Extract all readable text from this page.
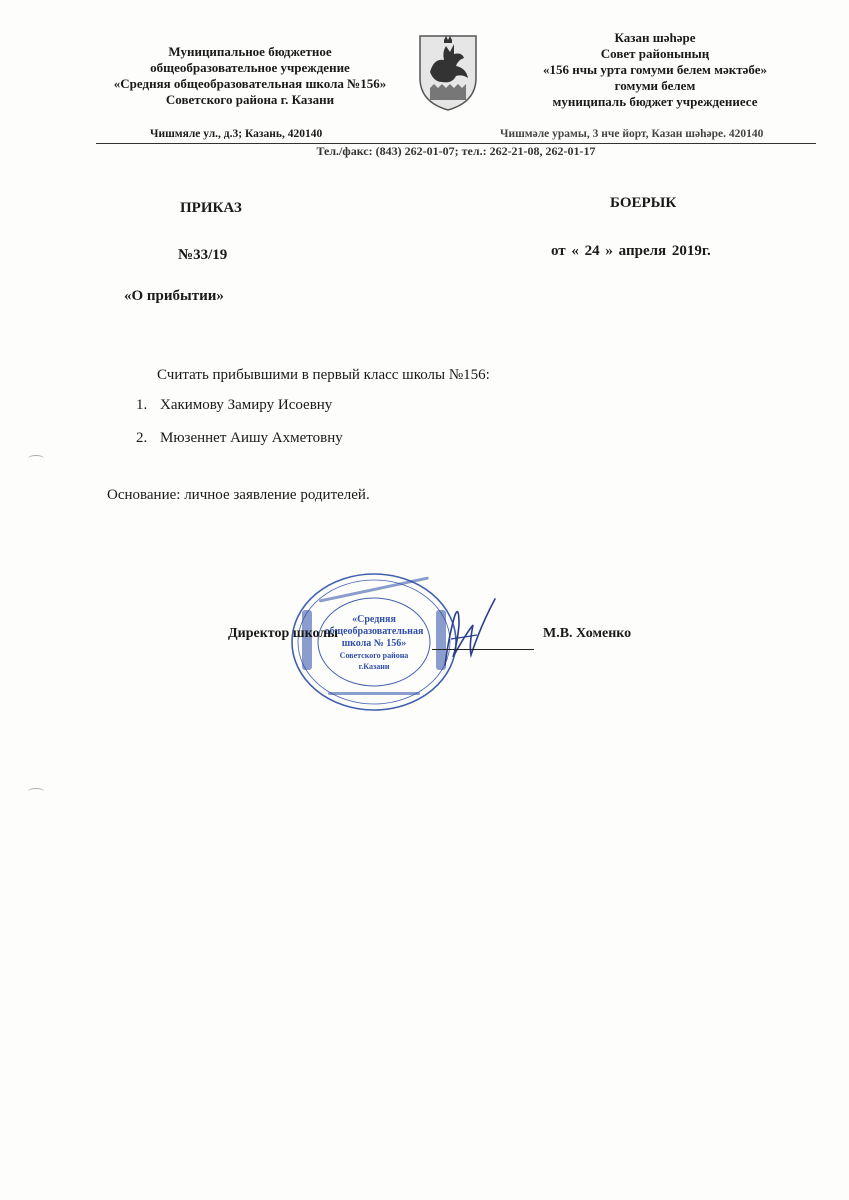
Муниципальное бюджетное
общеобразовательное учреждение
«Средняя общеобразовательная школа №156»
Советского района г. Казани
Казан шәһәре
Совет районының
«156 нчы урта гомуми белем мәктәбе»
гомуми белем
муниципаль бюджет учреждениесе
Чишмяле ул., д.3; Казань, 420140	Чишмәле урамы, 3 нче йорт, Казан шәһәре. 420140
Тел./факс: (843) 262-01-07; тел.: 262-21-08, 262-01-17
ПРИКАЗ	БОЕРЫК
№33/19	от « 24 » апреля 2019г.
«О прибытии»
Считать прибывшими в первый класс школы №156:
1. Хакимову Замиру Исоевну
2. Мюзеннет Аишу Ахметовну
Основание: личное заявление родителей.
«Средняя
общеобразовательная
школа № 156»
Советского района
г.Казани
Директор школы	М.В. Хоменко
